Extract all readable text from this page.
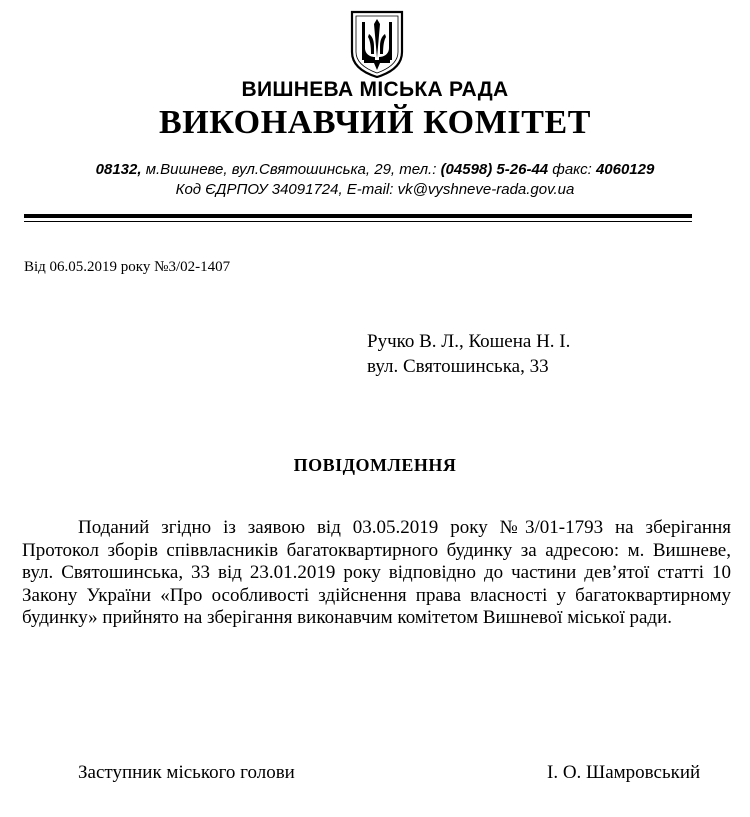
ВИШНЕВА МІСЬКА РАДА
ВИКОНАВЧИЙ КОМІТЕТ
08132, м.Вишневе, вул.Святошинська, 29, тел.: (04598) 5-26-44 факс: 4060129
Код ЄДРПОУ 34091724, E-mail: vk@vyshneve-rada.gov.ua
Від 06.05.2019 року №3/02-1407
Ручко В. Л., Кошена Н. І.
вул. Святошинська, 33
ПОВІДОМЛЕННЯ
Поданий згідно із заявою від 03.05.2019 року №3/01-1793 на зберігання Протокол зборів співвласників багатоквартирного будинку за адресою: м. Вишневе, вул. Святошинська, 33 від 23.01.2019 року відповідно до частини дев’ятої статті 10 Закону України «Про особливості здійснення права власності у багатоквартирному будинку» прийнято на зберігання виконавчим комітетом Вишневої міської ради.
Заступник міського голови	І. О. Шамровський
